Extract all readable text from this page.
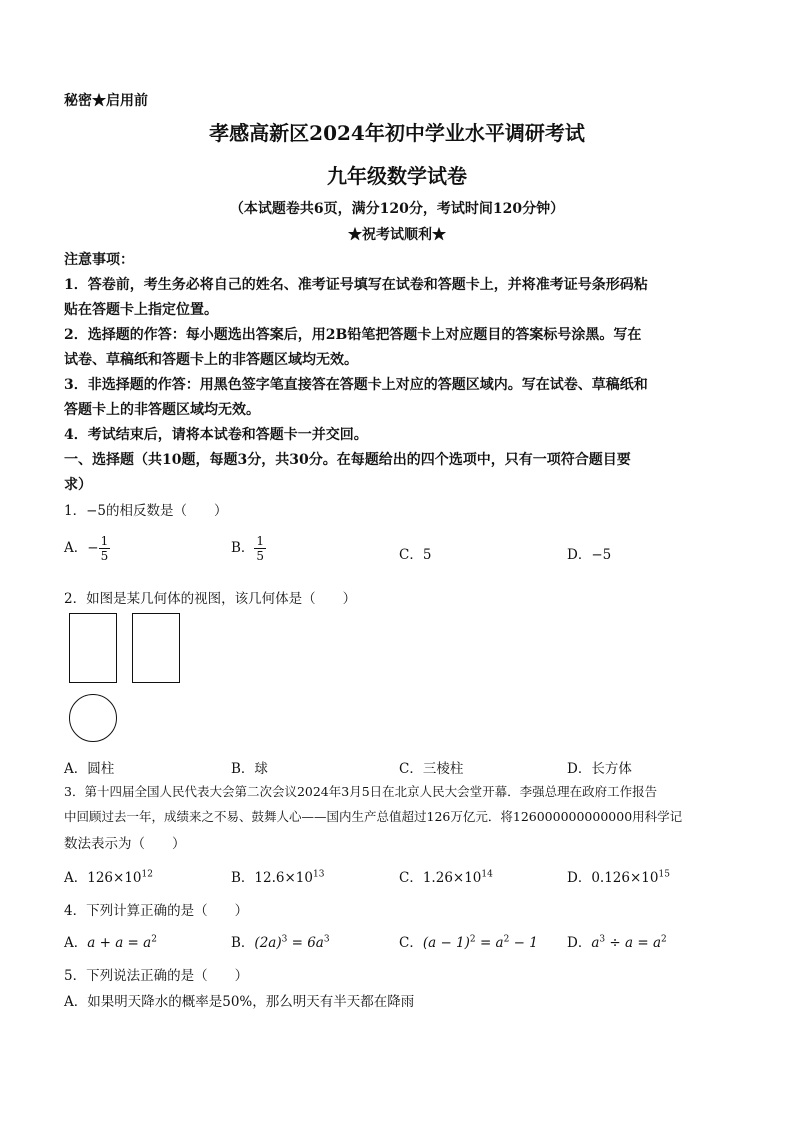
秘密★启用前
孝感高新区2024年初中学业水平调研考试
九年级数学试卷
（本试题卷共6页，满分120分，考试时间120分钟）
★祝考试顺利★
注意事项：
1．答卷前，考生务必将自己的姓名、准考证号填写在试卷和答题卡上，并将准考证号条形码粘
贴在答题卡上指定位置。
2．选择题的作答：每小题选出答案后，用2B铅笔把答题卡上对应题目的答案标号涂黑。写在
试卷、草稿纸和答题卡上的非答题区域均无效。
3．非选择题的作答：用黑色签字笔直接答在答题卡上对应的答题区域内。写在试卷、草稿纸和
答题卡上的非答题区域均无效。
4．考试结束后，请将本试卷和答题卡一并交回。
一、选择题（共10题，每题3分，共30分。在每题给出的四个选项中，只有一项符合题目要
求）
1．−5的相反数是（　　）
A．− $\frac{1}{5}$	B． $\frac{1}{5}$	C．5	D．−5
2．如图是某几何体的视图，该几何体是（　　）
A．圆柱	B．球	C．三棱柱	D．长方体
3．第十四届全国人民代表大会第二次会议2024年3月5日在北京人民大会堂开幕．李强总理在政府工作报告
中回顾过去一年，成绩来之不易、鼓舞人心——国内生产总值超过126万亿元．将126000000000000用科学记
数法表示为（　　）
A．$126\times 10^{12}$	B．$12.6\times 10^{13}$	C．$1.26\times 10^{14}$	D．$0.126\times 10^{15}$
4．下列计算正确的是（　　）
A．$a + a = a^2$	B．$(2a)^3 = 6a^3$	C．$(a - 1)^2 = a^2 - 1$ D．$a^3 \div a = a^2$
5．下列说法正确的是（　　）
A．如果明天降水的概率是50%，那么明天有半天都在降雨
